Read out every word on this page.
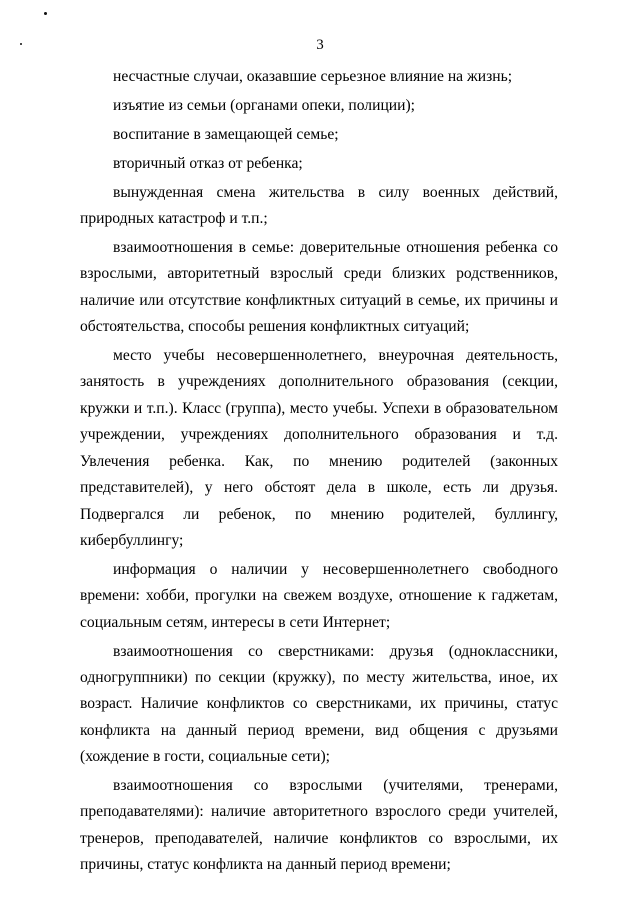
3

несчастные случаи, оказавшие серьезное влияние на жизнь;

изъятие из семьи (органами опеки, полиции);

воспитание в замещающей семье;

вторичный отказ от ребенка;

вынужденная смена жительства в силу военных действий, природных катастроф и т.п.;

взаимоотношения в семье: доверительные отношения ребенка со взрослыми, авторитетный взрослый среди близких родственников, наличие или отсутствие конфликтных ситуаций в семье, их причины и обстоятельства, способы решения конфликтных ситуаций;

место учебы несовершеннолетнего, внеурочная деятельность, занятость в учреждениях дополнительного образования (секции, кружки и т.п.). Класс (группа), место учебы. Успехи в образовательном учреждении, учреждениях дополнительного образования и т.д. Увлечения ребенка. Как, по мнению родителей (законных представителей), у него обстоят дела в школе, есть ли друзья. Подвергался ли ребенок, по мнению родителей, буллингу, кибербуллингу;

информация о наличии у несовершеннолетнего свободного времени: хобби, прогулки на свежем воздухе, отношение к гаджетам, социальным сетям, интересы в сети Интернет;

взаимоотношения со сверстниками: друзья (одноклассники, одногруппники) по секции (кружку), по месту жительства, иное, их возраст. Наличие конфликтов со сверстниками, их причины, статус конфликта на данный период времени, вид общения с друзьями (хождение в гости, социальные сети);

взаимоотношения со взрослыми (учителями, тренерами, преподавателями): наличие авторитетного взрослого среди учителей, тренеров, преподавателей, наличие конфликтов со взрослыми, их причины, статус конфликта на данный период времени;
